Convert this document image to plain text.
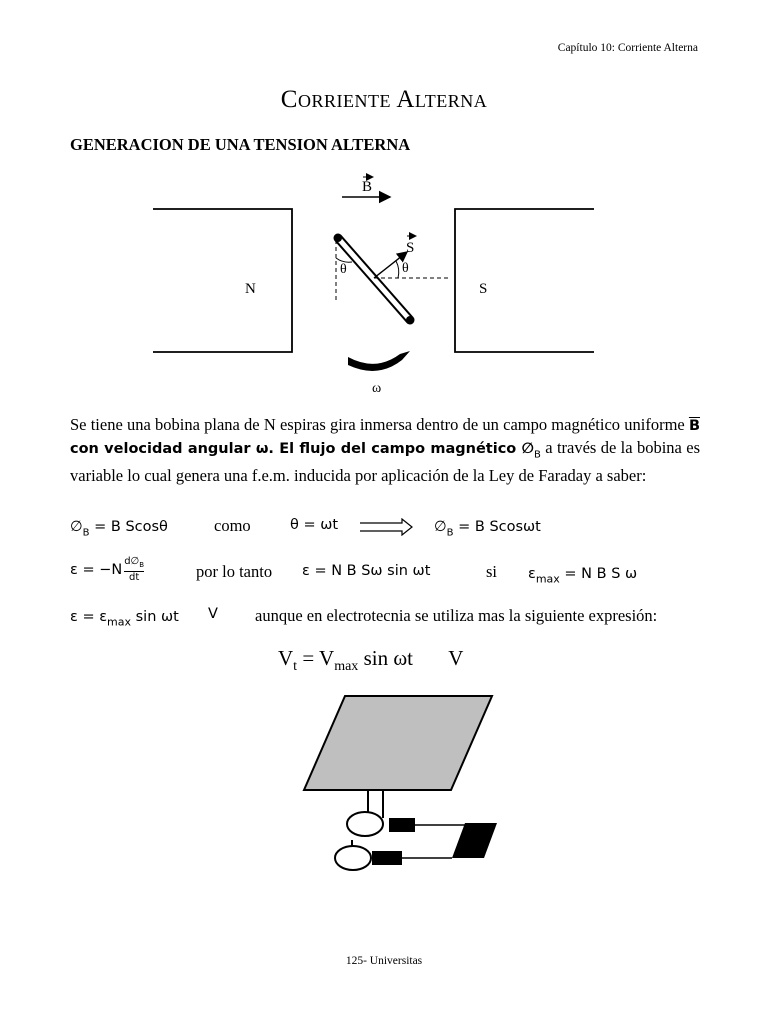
Capítulo 10: Corriente Alterna
Corriente Alterna
GENERACION DE UNA TENSION ALTERNA
B
N	S
S
θ	θ
ω
Se tiene una bobina plana de N espiras gira inmersa dentro de un campo magnético uniforme $\overline{B}$ con velocidad angular ω. El flujo del campo magnético $\emptyset_B$ a través de la bobina es variable lo cual genera una f.e.m. inducida por aplicación de la Ley de Faraday a saber:
$\emptyset_B = B$ Scosθ	como	θ = ωt	$\emptyset_B = B$ Scosωt
ε = −N
$d\emptyset_B$
dt	por lo tanto ε = N B Sω sin ωt	si $\varepsilon_{max} = N$ B S ω
$\varepsilon = \varepsilon_{max}$ sin ωt V aunque en electrotecnia se utiliza mas la siguiente expresión:
$V_t = V_{max}$ sin ωt V
125- Universitas
